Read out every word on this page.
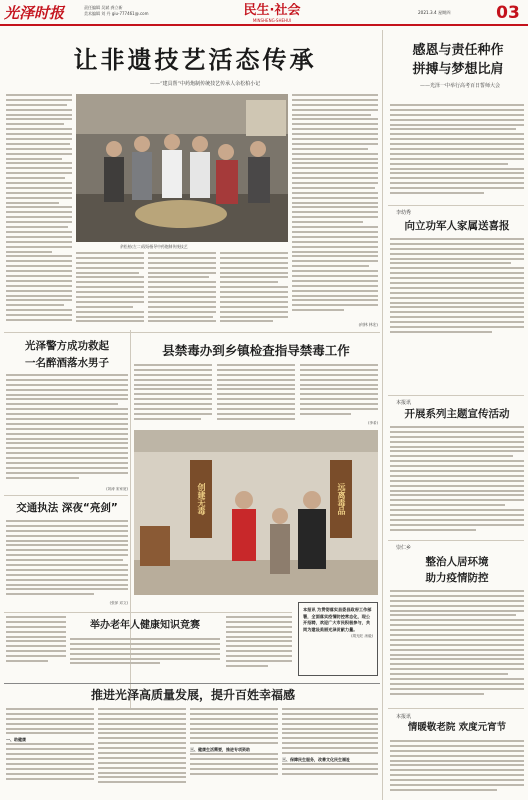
光泽时报	责任编辑 吴斌 龚立新
美术编辑 刘 丹 giu-777461@.com	民生·社会
MINSHENG·SHEHUI
2021.3.4 星期四	03
让非遗技艺活态传承
——“建具帮”中药炮制传统技艺传承人余松柏小记
余松柏(左二)现场指导中药炮制传统技艺
(何林 林宏)
感恩与责任种作
拼搏与梦想比肩
——光泽一中举行高考百日誓师大会
李幼秀
向立功军人家属送喜报
本报讯
开展系列主题宣传活动
崇仁乡
整治人居环境
助力疫情防控
本报讯
情暖敬老院 欢度元宵节
光泽警方成功救起
一名醉酒落水男子
(刘涛 宋家宽)
交通执法 深夜“亮剑”
(张萍 邓文)
县禁毒办到乡镇检查指导禁毒工作
(李希)
创建无毒	远离毒品
举办老年人健康知识竞赛
本报讯 为贯彻落实县委县政府工作部署，全面落实疫情防控常态化，现公开招聘，欢迎广大市民积极参与，共同为建设美丽光泽贡献力量。
(胡光旺 汤毅)
推进光泽高质量发展，提升百姓幸福感
一、助健康
三、健康生活需要，推进专项资助
三、保障民生服务，改善文化民生福祉
